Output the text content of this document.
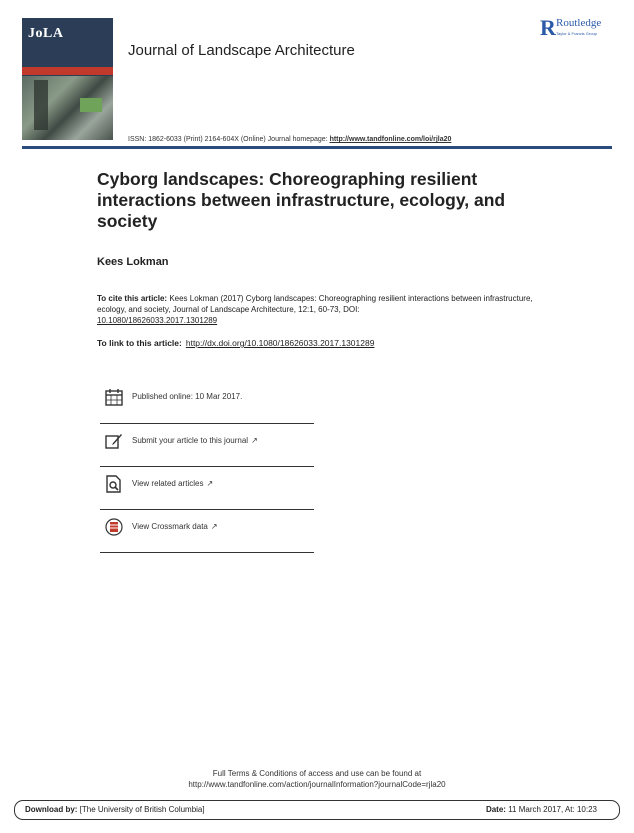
JoLA
Journal of Landscape Architecture
R Routledge
Taylor & Francis Group
ISSN: 1862-6033 (Print) 2164-604X (Online) Journal homepage: http://www.tandfonline.com/loi/rjla20
Cyborg landscapes: Choreographing resilient interactions between infrastructure, ecology, and society
Kees Lokman
To cite this article: Kees Lokman (2017) Cyborg landscapes: Choreographing resilient interactions between infrastructure, ecology, and society, Journal of Landscape Architecture, 12:1, 60-73, DOI:
10.1080/18626033.2017.1301289
To link to this article: http://dx.doi.org/10.1080/18626033.2017.1301289
Published online: 10 Mar 2017.
Submit your article to this journal ↗
View related articles ↗
View Crossmark data ↗
Full Terms & Conditions of access and use can be found at
http://www.tandfonline.com/action/journalInformation?journalCode=rjla20
Download by: [The University of British Columbia]	Date: 11 March 2017, At: 10:23
